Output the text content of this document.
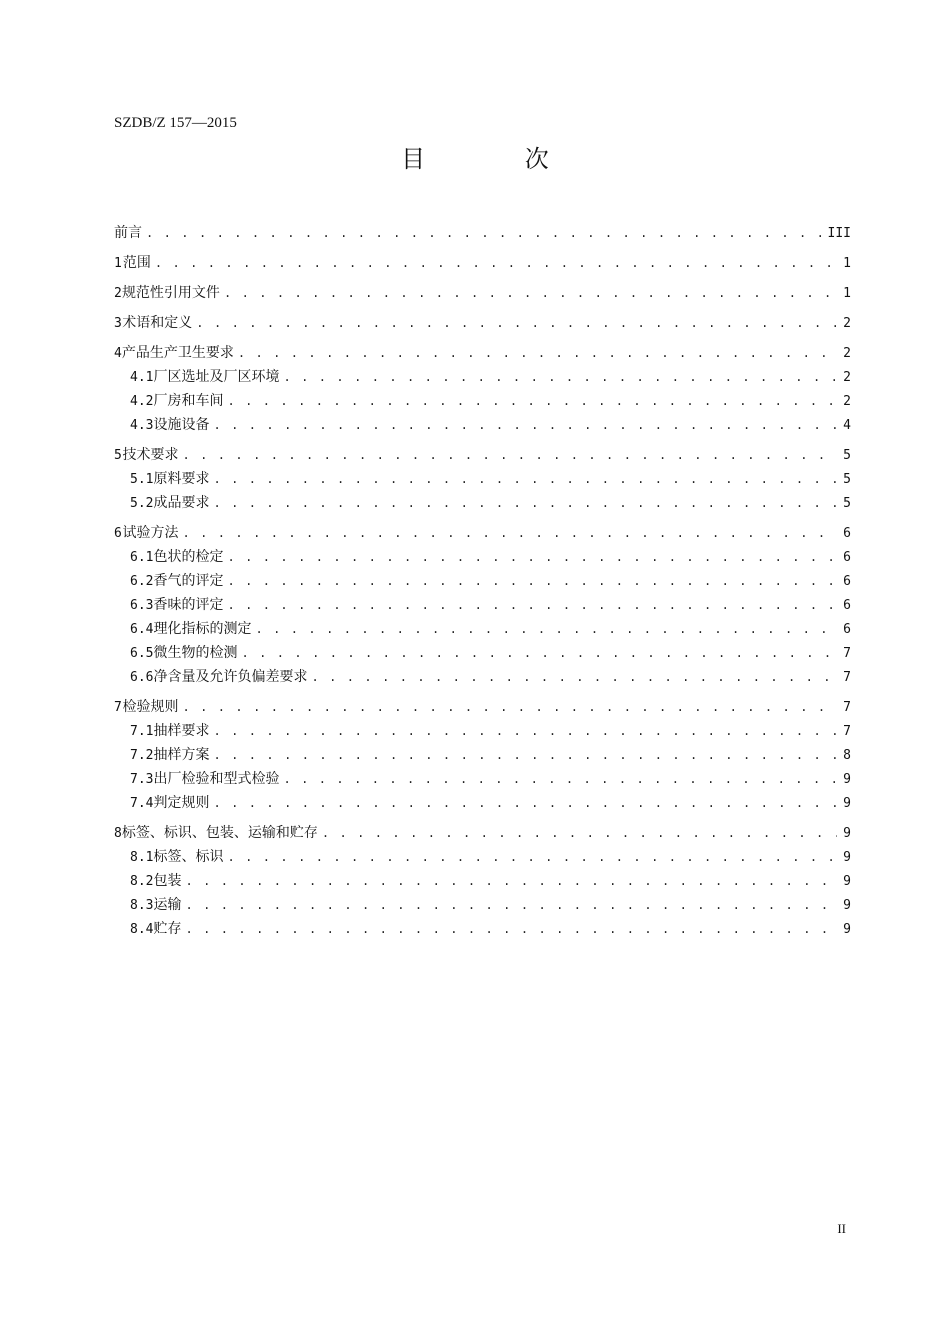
SZDB/Z 157—2015
目 次
前言 . . .	III
1 范围 . . .	1
2 规范性引用文件 . . .	1
3 术语和定义 . . .	2
4 产品生产卫生要求 . . .	2
4.1 厂区选址及厂区环境 . . .	2
4.2 厂房和车间 . . .	2
4.3 设施设备 . . .	4
5 技术要求 . . .	5
5.1 原料要求 . . .	5
5.2 成品要求 . . .	5
6 试验方法 . . .	6
6.1 色状的检定 . . .	6
6.2 香气的评定 . . .	6
6.3 香味的评定 . . .	6
6.4 理化指标的测定 . . .	6
6.5 微生物的检测 . . .	7
6.6 净含量及允许负偏差要求 . . .	7
7 检验规则 . . .	7
7.1 抽样要求 . . .	7
7.2 抽样方案 . . .	8
7.3 出厂检验和型式检验 . . .	9
7.4 判定规则 . . .	9
8 标签、标识、包装、运输和贮存 . . .	9
8.1 标签、标识 . . .	9
8.2 包装 . . .	9
8.3 运输 . . .	9
8.4 贮存 . . .	9
II
